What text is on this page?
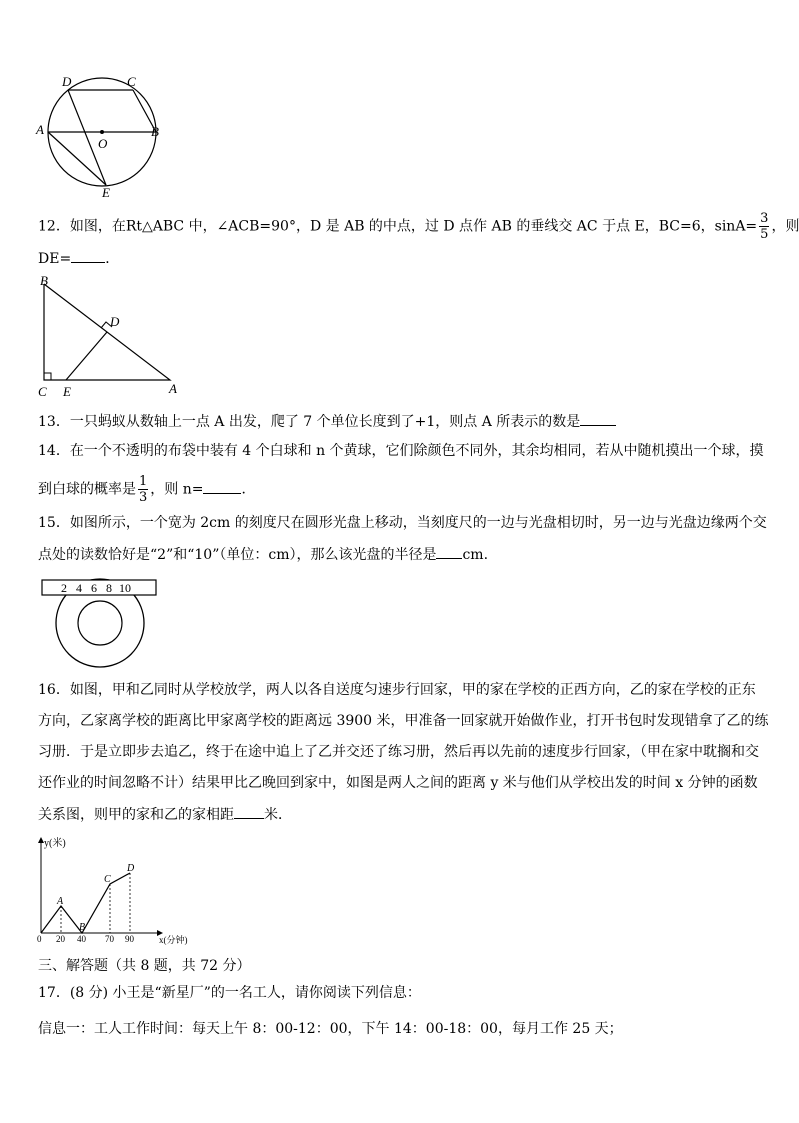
D	C
A
O
B
E
12．如图，在Rt△ABC 中，∠ACB=90°，D 是 AB 的中点，过 D 点作 AB 的垂线交 AC 于点 E，BC=6，$\sin A= \frac{3}{5}$ ，则
DE= ．
B
D
C E	A
13．一只蚂蚁从数轴上一点 A 出发，爬了 7 个单位长度到了+1，则点 A 所表示的数是
14．在一个不透明的布袋中装有 4 个白球和 n 个黄球，它们除颜色不同外，其余均相同，若从中随机摸出一个球，摸
到白球的概率是 $\frac{1}{3}$ ，则 n=	．
15．如图所示，一个宽为 2cm 的刻度尺在圆形光盘上移动，当刻度尺的一边与光盘相切时，另一边与光盘边缘两个交
点处的读数恰好是“2”和“10”（单位：cm），那么该光盘的半径是 cm.
2 4 6 8 10
16．如图，甲和乙同时从学校放学，两人以各自送度匀速步行回家，甲的家在学校的正西方向，乙的家在学校的正东
方向，乙家离学校的距离比甲家离学校的距离远 3900 米，甲准备一回家就开始做作业，打开书包时发现错拿了乙的练
习册．于是立即步去追乙，终于在途中追上了乙并交还了练习册，然后再以先前的速度步行回家，（甲在家中耽搁和交
还作业的时间忽略不计）结果甲比乙晚回到家中，如图是两人之间的距离 y 米与他们从学校出发的时间 x 分钟的函数
关系图，则甲的家和乙的家相距 米．
y(米)
x(分钟)
A
B
C
D
0 20 40 70 90
三、解答题（共 8 题，共 72 分）
17．(8 分) 小王是“新星厂”的一名工人，请你阅读下列信息：
信息一：工人工作时间：每天上午 8：00-12：00，下午 14：00-18：00，每月工作 25 天；
